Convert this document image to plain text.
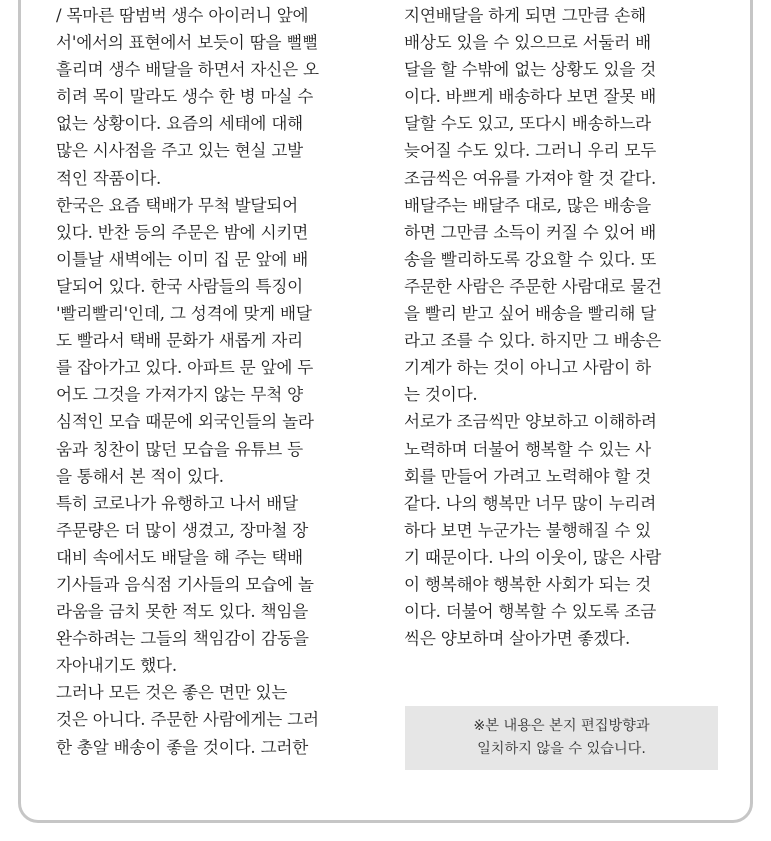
/ 목마른 땀범벅 생수 아이러니 앞에
서'에서의 표현에서 보듯이 땀을 뻘뻘
흘리며 생수 배달을 하면서 자신은 오
히려 목이 말라도 생수 한 병 마실 수
없는 상황이다. 요즘의 세태에 대해
많은 시사점을 주고 있는 현실 고발
적인 작품이다.
한국은 요즘 택배가 무척 발달되어
있다. 반찬 등의 주문은 밤에 시키면
이틀날 새벽에는 이미 집 문 앞에 배
달되어 있다. 한국 사람들의 특징이
'빨리빨리'인데, 그 성격에 맞게 배달
도 빨라서 택배 문화가 새롭게 자리
를 잡아가고 있다. 아파트 문 앞에 두
어도 그것을 가져가지 않는 무척 양
심적인 모습 때문에 외국인들의 놀라
움과 칭찬이 많던 모습을 유튜브 등
을 통해서 본 적이 있다.
특히 코로나가 유행하고 나서 배달
주문량은 더 많이 생겼고, 장마철 장
대비 속에서도 배달을 해 주는 택배
기사들과 음식점 기사들의 모습에 놀
라움을 금치 못한 적도 있다. 책임을
완수하려는 그들의 책임감이 감동을
자아내기도 했다.
그러나 모든 것은 좋은 면만 있는
것은 아니다. 주문한 사람에게는 그러
한 총알 배송이 좋을 것이다. 그러한
지연배달을 하게 되면 그만큼 손해
배상도 있을 수 있으므로 서둘러 배
달을 할 수밖에 없는 상황도 있을 것
이다. 바쁘게 배송하다 보면 잘못 배
달할 수도 있고, 또다시 배송하느라
늦어질 수도 있다. 그러니 우리 모두
조금씩은 여유를 가져야 할 것 같다.
배달주는 배달주 대로, 많은 배송을
하면 그만큼 소득이 커질 수 있어 배
송을 빨리하도록 강요할 수 있다. 또
주문한 사람은 주문한 사람대로 물건
을 빨리 받고 싶어 배송을 빨리해 달
라고 조를 수 있다. 하지만 그 배송은
기계가 하는 것이 아니고 사람이 하
는 것이다.
서로가 조금씩만 양보하고 이해하려
노력하며 더불어 행복할 수 있는 사
회를 만들어 가려고 노력해야 할 것
같다. 나의 행복만 너무 많이 누리려
하다 보면 누군가는 불행해질 수 있
기 때문이다. 나의 이웃이, 많은 사람
이 행복해야 행복한 사회가 되는 것
이다. 더불어 행복할 수 있도록 조금
씩은 양보하며 살아가면 좋겠다.
※본 내용은 본지 편집방향과
일치하지 않을 수 있습니다.
